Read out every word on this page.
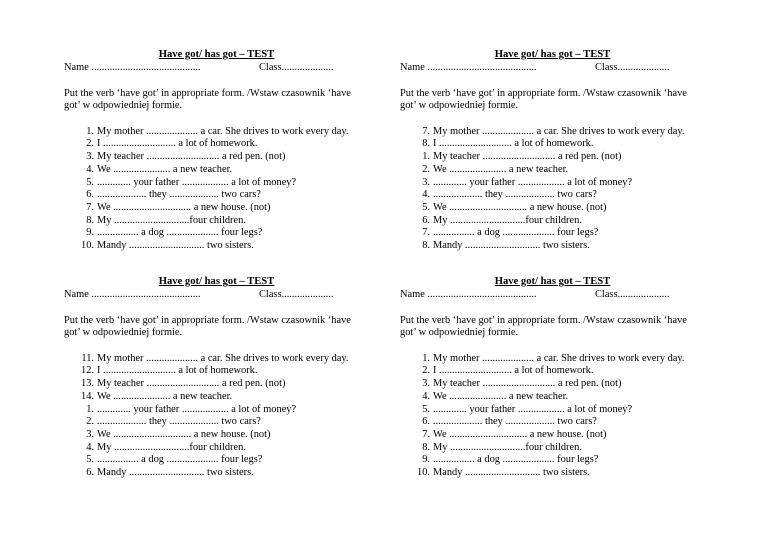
Have got/ has got – TEST
Name ..........................................	Class....................
Put the verb ‘have got’ in appropriate form. /Wstaw czasownik ‘have got’ w odpowiedniej formie.
1. My mother .................... a car. She drives to work every day.
2. I ............................ a lot of homework.
3. My teacher ............................ a red pen. (not)
4. We ...................... a new teacher.
5. ............. your father .................. a lot of money?
6. ................... they ................... two cars?
7. We .............................. a new house. (not)
8. My .............................four children.
9. ................ a dog .................... four legs?
10. Mandy ............................. two sisters.
Have got/ has got – TEST
Name ..........................................	Class....................
Put the verb ‘have got’ in appropriate form. /Wstaw czasownik ‘have got’ w odpowiedniej formie.
7. My mother .................... a car. She drives to work every day.
8. I ............................ a lot of homework.
1. My teacher ............................ a red pen. (not)
2. We ...................... a new teacher.
3. ............. your father .................. a lot of money?
4. ................... they ................... two cars?
5. We .............................. a new house. (not)
6. My .............................four children.
7. ................ a dog .................... four legs?
8. Mandy ............................. two sisters.
Have got/ has got – TEST
Name ..........................................	Class....................
Put the verb ‘have got’ in appropriate form. /Wstaw czasownik ‘have got’ w odpowiedniej formie.
11. My mother .................... a car. She drives to work every day.
12. I ............................ a lot of homework.
13. My teacher ............................ a red pen. (not)
14. We ...................... a new teacher.
1. ............. your father .................. a lot of money?
2. ................... they ................... two cars?
3. We .............................. a new house. (not)
4. My .............................four children.
5. ................ a dog .................... four legs?
6. Mandy ............................. two sisters.
Have got/ has got – TEST
Name ..........................................	Class....................
Put the verb ‘have got’ in appropriate form. /Wstaw czasownik ‘have got’ w odpowiedniej formie.
1. My mother .................... a car. She drives to work every day.
2. I ............................ a lot of homework.
3. My teacher ............................ a red pen. (not)
4. We ...................... a new teacher.
5. ............. your father .................. a lot of money?
6. ................... they ................... two cars?
7. We .............................. a new house. (not)
8. My .............................four children.
9. ................ a dog .................... four legs?
10. Mandy ............................. two sisters.
